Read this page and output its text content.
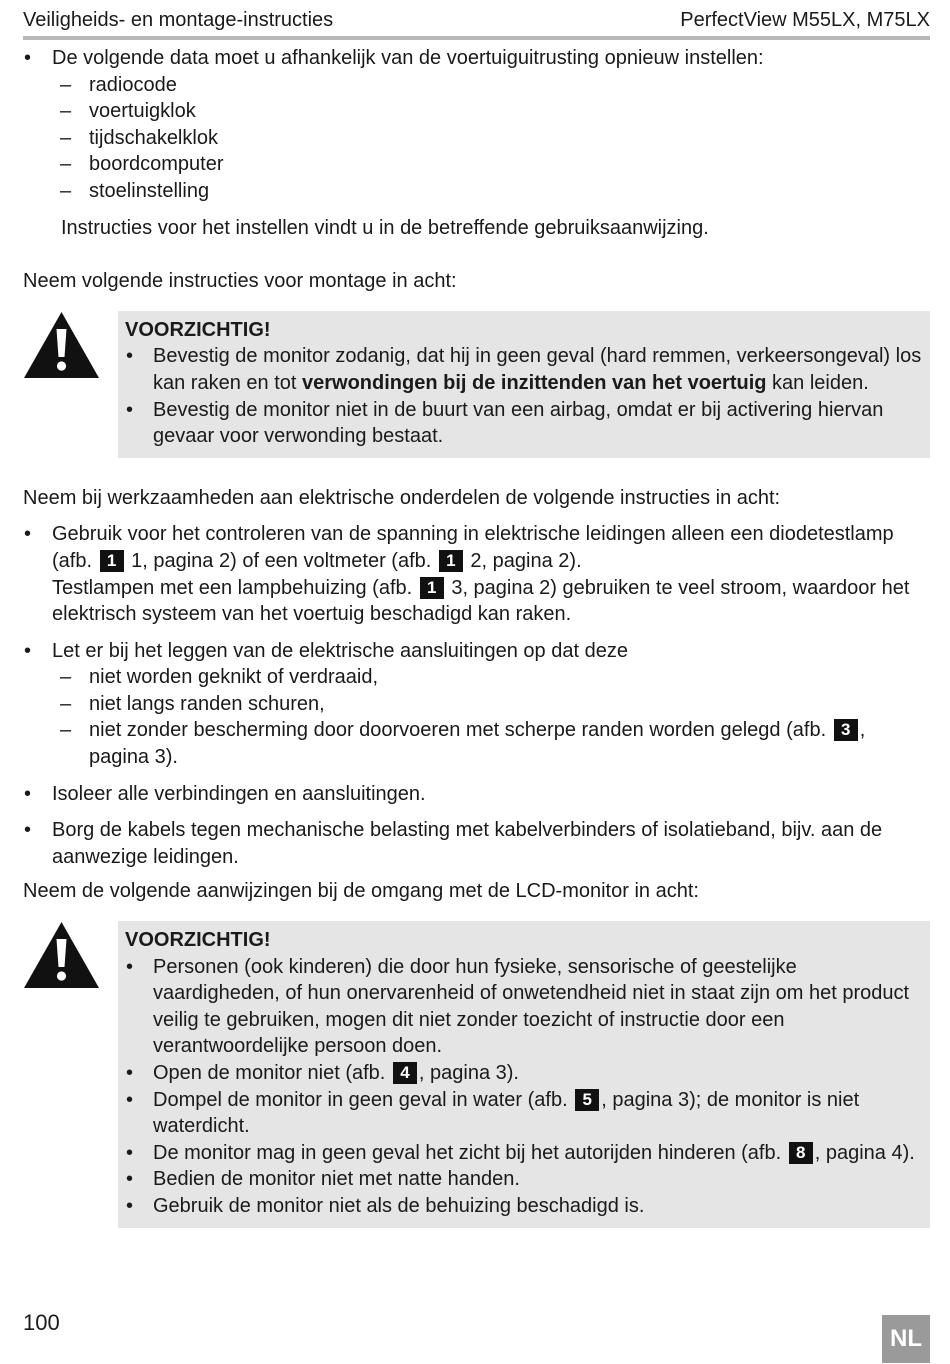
Veiligheids- en montage-instructies	PerfectView M55LX, M75LX
• De volgende data moet u afhankelijk van de voertuiguitrusting opnieuw instellen:
– radiocode
– voertuigklok
– tijdschakelklok
– boordcomputer
– stoelinstelling

Instructies voor het instellen vindt u in de betreffende gebruiksaanwijzing.

Neem volgende instructies voor montage in acht:

VOORZICHTIG!
• Bevestig de monitor zodanig, dat hij in geen geval (hard remmen, verkeersongeval) los kan raken en tot verwondingen bij de inzittenden van het voertuig kan leiden.
• Bevestig de monitor niet in de buurt van een airbag, omdat er bij activering hiervan gevaar voor verwonding bestaat.

Neem bij werkzaamheden aan elektrische onderdelen de volgende instructies in acht:

• Gebruik voor het controleren van de spanning in elektrische leidingen alleen een diodetestlamp (afb. 1 1, pagina 2) of een voltmeter (afb. 1 2, pagina 2).
Testlampen met een lampbehuizing (afb. 1 3, pagina 2) gebruiken te veel stroom, waardoor het elektrisch systeem van het voertuig beschadigd kan raken.
• Let er bij het leggen van de elektrische aansluitingen op dat deze
– niet worden geknikt of verdraaid,
– niet langs randen schuren,
– niet zonder bescherming door doorvoeren met scherpe randen worden gelegd (afb. 3 , pagina 3).
• Isoleer alle verbindingen en aansluitingen.
• Borg de kabels tegen mechanische belasting met kabelverbinders of isolatieband, bijv. aan de aanwezige leidingen.

Neem de volgende aanwijzingen bij de omgang met de LCD-monitor in acht:

VOORZICHTIG!
• Personen (ook kinderen) die door hun fysieke, sensorische of geestelijke vaardigheden, of hun onervarenheid of onwetendheid niet in staat zijn om het product veilig te gebruiken, mogen dit niet zonder toezicht of instructie door een verantwoordelijke persoon doen.
• Open de monitor niet (afb. 4 , pagina 3).
• Dompel de monitor in geen geval in water (afb. 5 , pagina 3); de monitor is niet waterdicht.
• De monitor mag in geen geval het zicht bij het autorijden hinderen (afb. 8 , pagina 4).
• Bedien de monitor niet met natte handen.
• Gebruik de monitor niet als de behuizing beschadigd is.
100
NL
